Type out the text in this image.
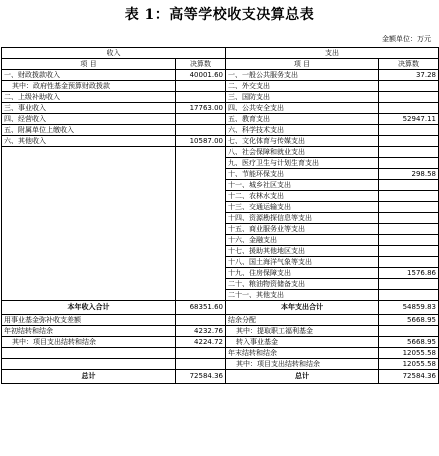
表 1：高等学校收支决算总表
金额单位：万元
收入		支出	
项 目	决算数	项 目	决算数
一、财政拨款收入	40001.60	一、一般公共服务支出	37.28
其中：政府性基金预算财政拨款		二、外交支出	
二、上级补助收入		三、国防支出	
三、事业收入	17763.00	四、公共安全支出	
四、经营收入		五、教育支出	52947.11
五、附属单位上缴收入		六、科学技术支出	
六、其他收入	10587.00	七、文化体育与传媒支出	
		八、社会保障和就业支出	
		九、医疗卫生与计划生育支出	
		十、节能环保支出	298.58
		十一、城乡社区支出	
		十二、农林水支出	
		十三、交通运输支出	
		十四、资源勘探信息等支出	
		十五、商业服务业等支出	
		十六、金融支出	
		十七、援助其他地区支出	
		十八、国土海洋气象等支出	
		十九、住房保障支出	1576.86
		二十、粮油物资储备支出	
		二十一、其他支出	
本年收入合计	68351.60	本年支出合计	54859.83
用事业基金弥补收支差额		结余分配	5668.95
年初结转和结余	4232.76	其中：提取职工福利基金	
其中：项目支出结转和结余	4224.72	转入事业基金	5668.95
		年末结转和结余	12055.58
		其中：项目支出结转和结余	12055.58
总计	72584.36	总计	72584.36
